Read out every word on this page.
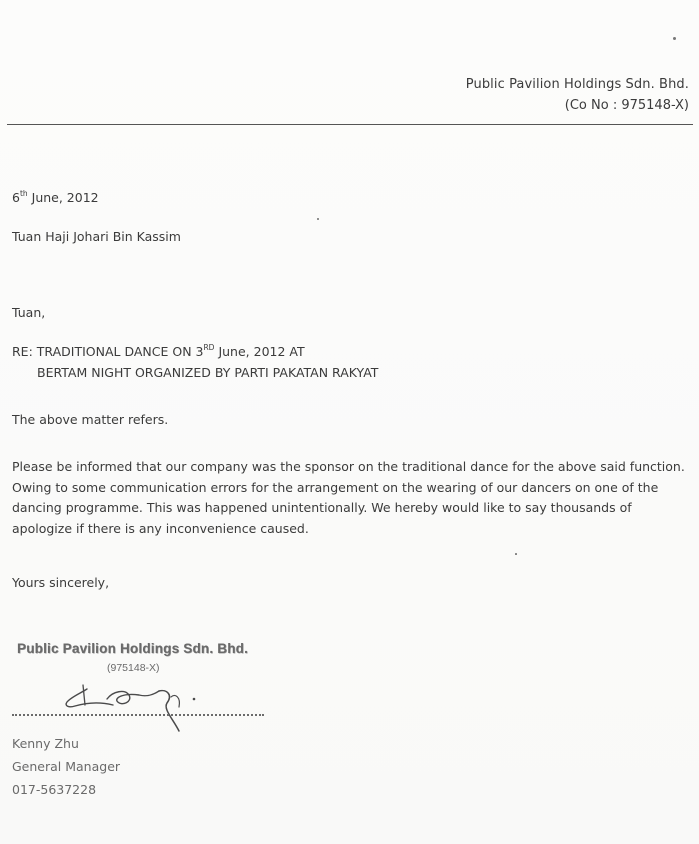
Public Pavilion Holdings Sdn. Bhd.
(Co No : 975148-X)
6th June, 2012
Tuan Haji Johari Bin Kassim
Tuan,
RE: TRADITIONAL DANCE ON 3RD June, 2012 AT
BERTAM NIGHT ORGANIZED BY PARTI PAKATAN RAKYAT
The above matter refers.
Please be informed that our company was the sponsor on the traditional dance for the above said function. Owing to some communication errors for the arrangement on the wearing of our dancers on one of the dancing programme. This was happened unintentionally. We hereby would like to say thousands of apologize if there is any inconvenience caused.
Yours sincerely,
Public Pavilion Holdings Sdn. Bhd.
(975148-X)
Kenny Zhu
General Manager
017-5637228
